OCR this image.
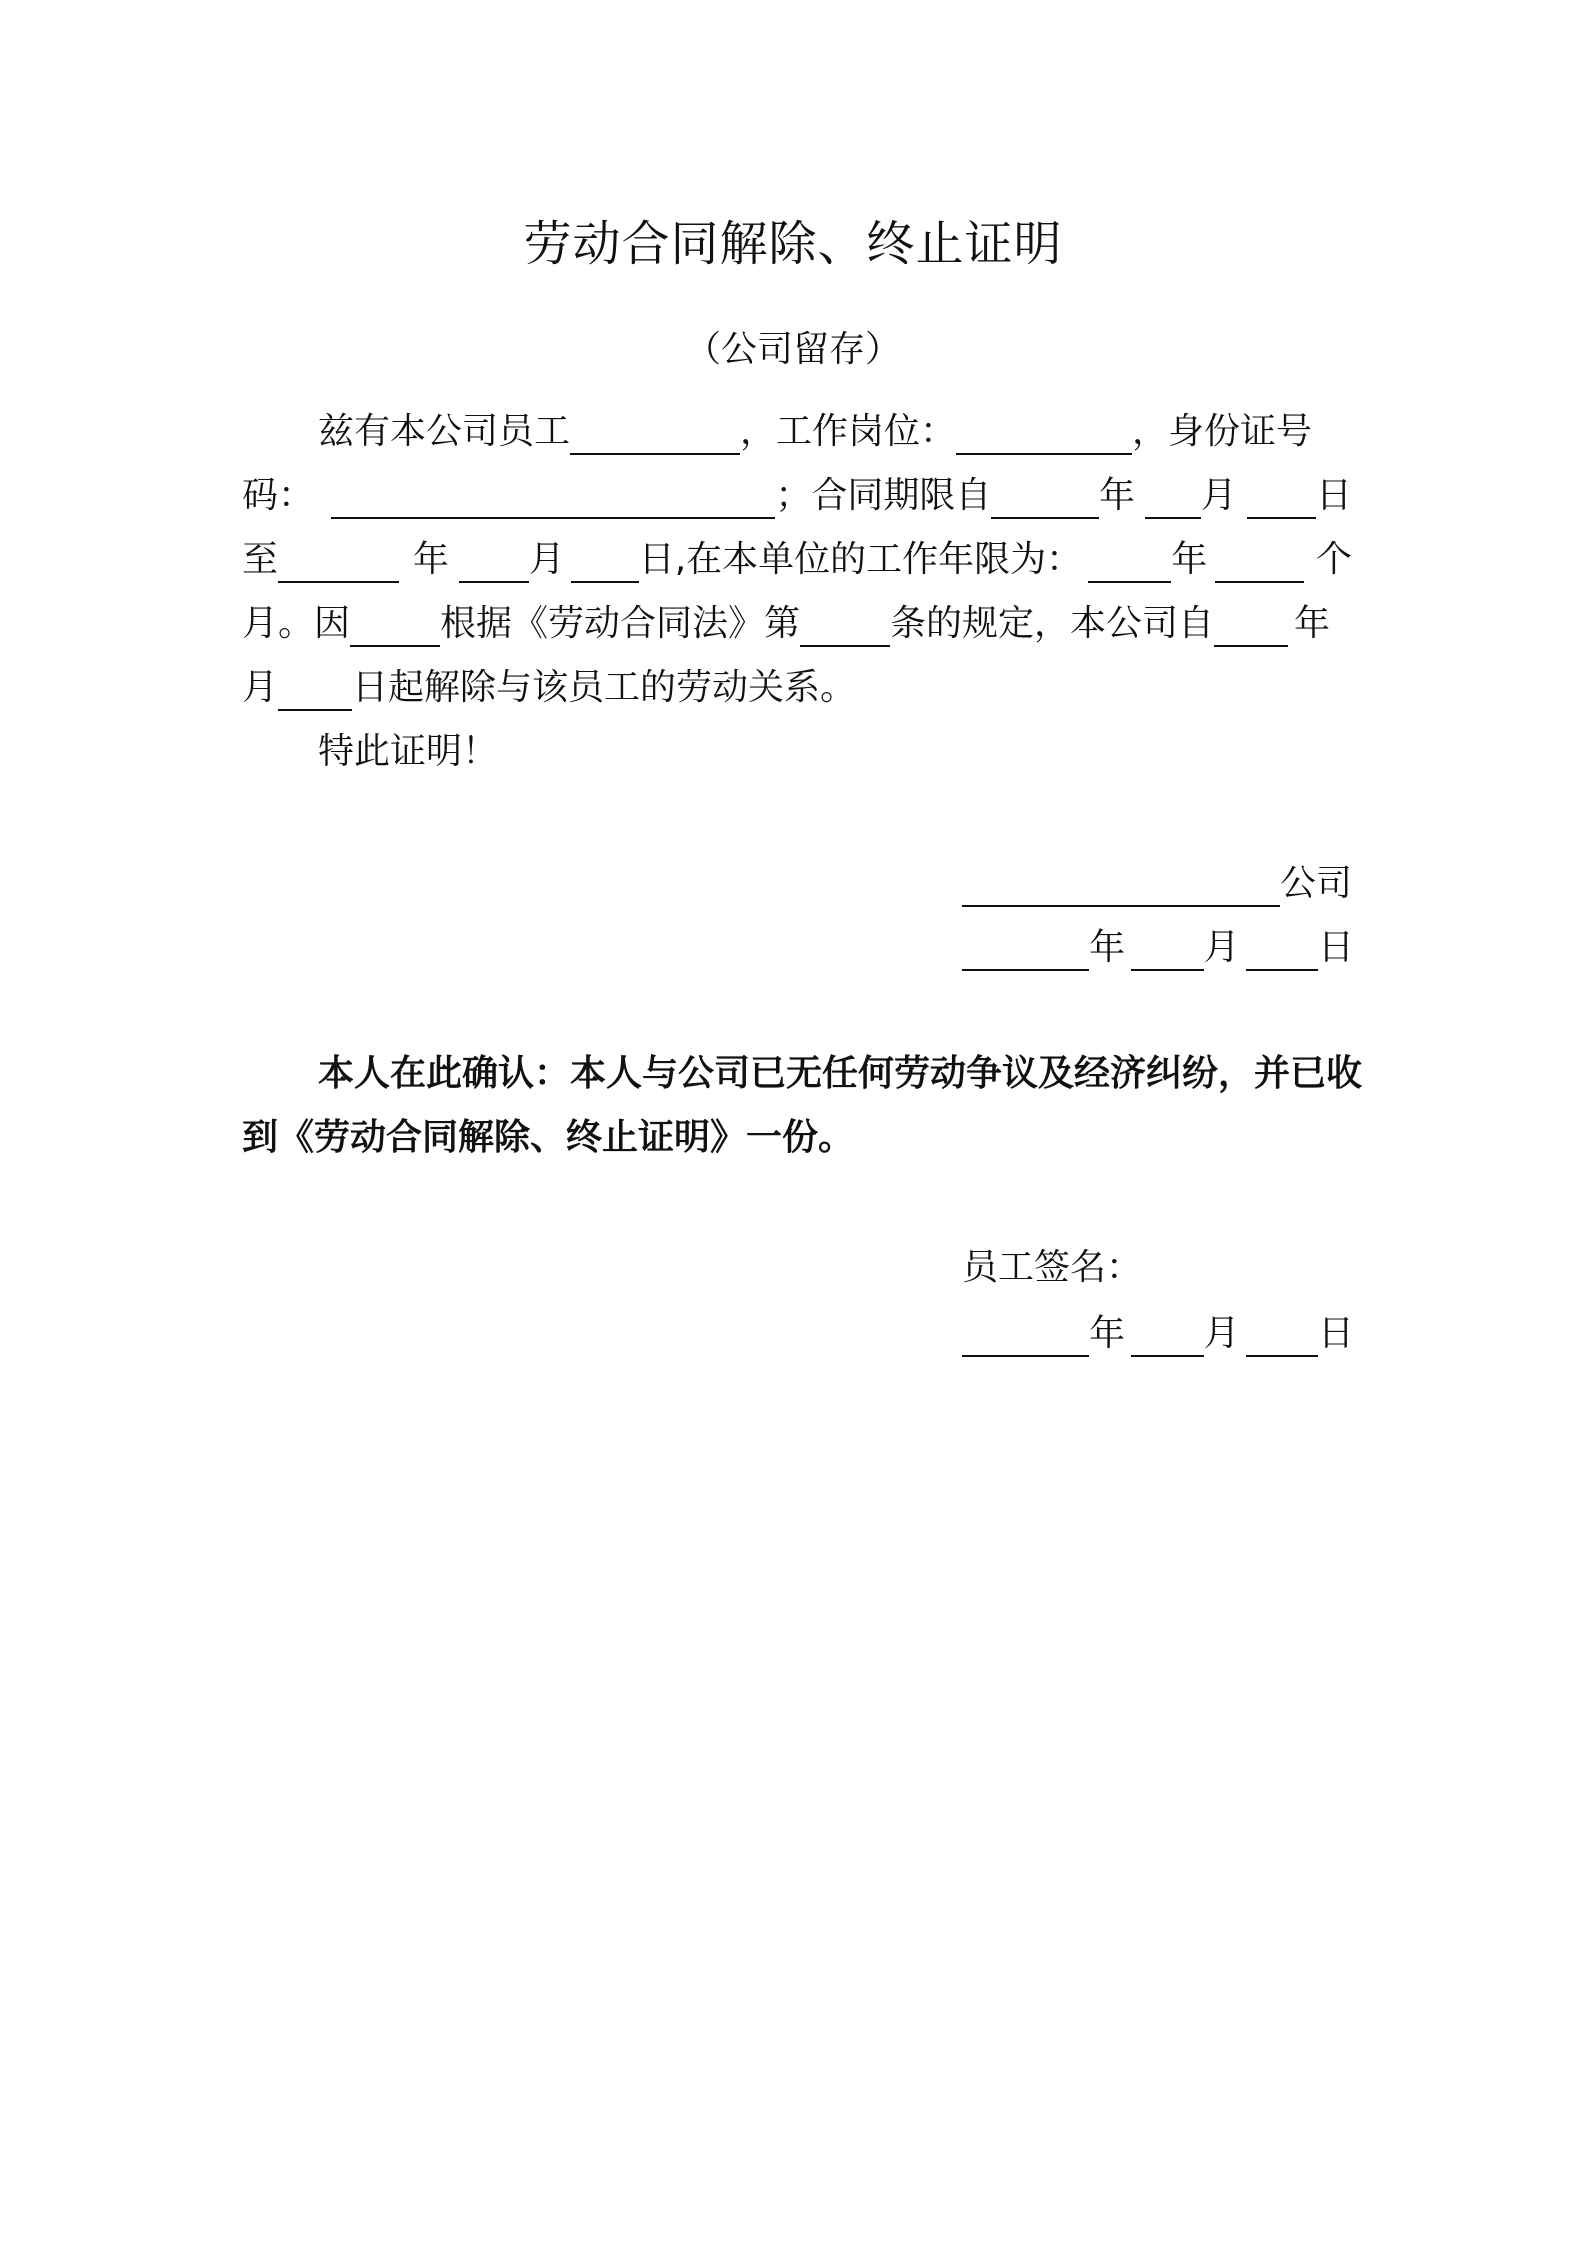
劳动合同解除、终止证明
（公司留存）
兹有本公司员工	，工作岗位：	，身份证号
码：	；合同期限自	年 月 日
至	年 月 日,在本单位的工作年限为： 年	个
月。因	根据《劳动合同法》第	条的规定，本公司自 年
月 日起解除与该员工的劳动关系。
特此证明！
公司
年 月 日
本人在此确认：本人与公司已无任何劳动争议及经济纠纷，并已收
到《劳动合同解除、终止证明》一份。
员工签名：
年 月 日
